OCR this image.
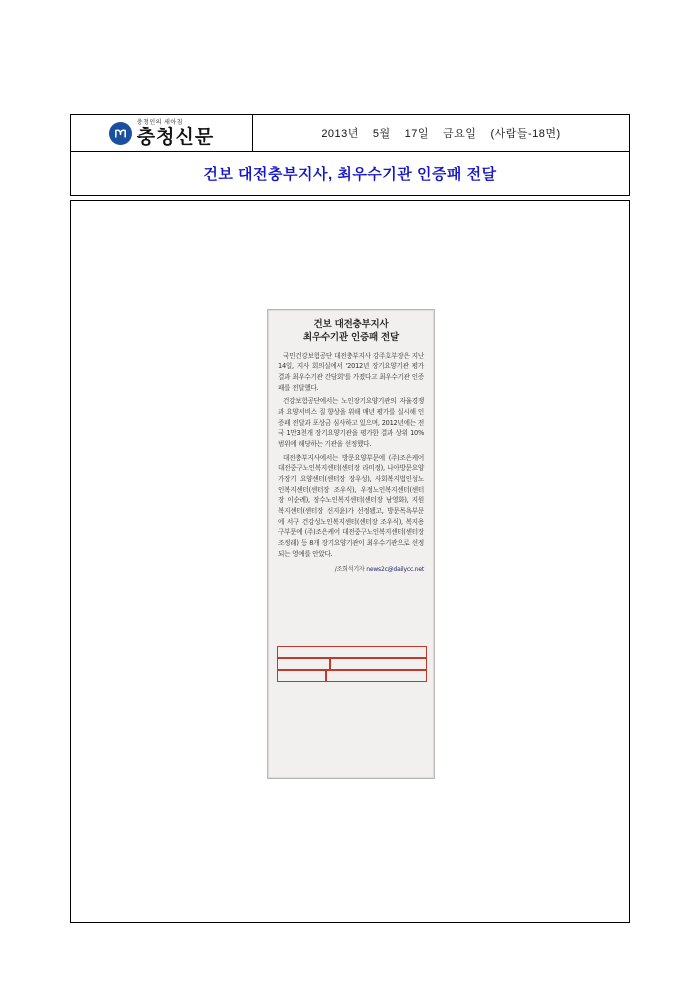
충청인의 새아침
충청신문	2013년 5월 17일 금요일 (사람들-18면)
건보 대전충부지사, 최우수기관 인증패 전달
건보 대전충부지사
최우수기관 인증패 전달

국민건강보험공단 대전충부지사 강주호부장은 지난 14일, 지사 회의실에서 '2012년 장기요양기관 평가결과 최우수기관 간담회'를 가졌다고 최우수기관 인증패를 전달했다.

건강보험공단에서는 노인장기요양기관의 자율경쟁과 요양서비스 질 향상을 위해 매년 평가를 실시해 인증패 전달과 포상금 심사하고 있으며, 2012년에는 전국 1만3천개 장기요양기관을 평가한 결과 상위 10% 범위에 해당하는 기관을 선정했다.

대전충부지사에서는 방문요양부문에 (주)조은케어 대전중구노인복지센터(센터장 라미정), 나아방문요양가장기 요양센터(센터장 장우성), 사회복지법인성노인복지센터(센터장 조우식), 우정노인복지센터(센터장 이순례), 장수노인복지센터(센터장 남영화), 지원복지센터(센터장 신지윤)가 선정됐고, 방문목욕부문에 서구 건강성노인복지센터(센터장 조우식), 복지용구부문에 (주)조은케어 대전중구노인복지센터(센터장 조정래) 등 8개 장기요양기관이 최우수기관으로 선정되는 영예를 안았다.

/조희석기자 news2c@dailycc.net
